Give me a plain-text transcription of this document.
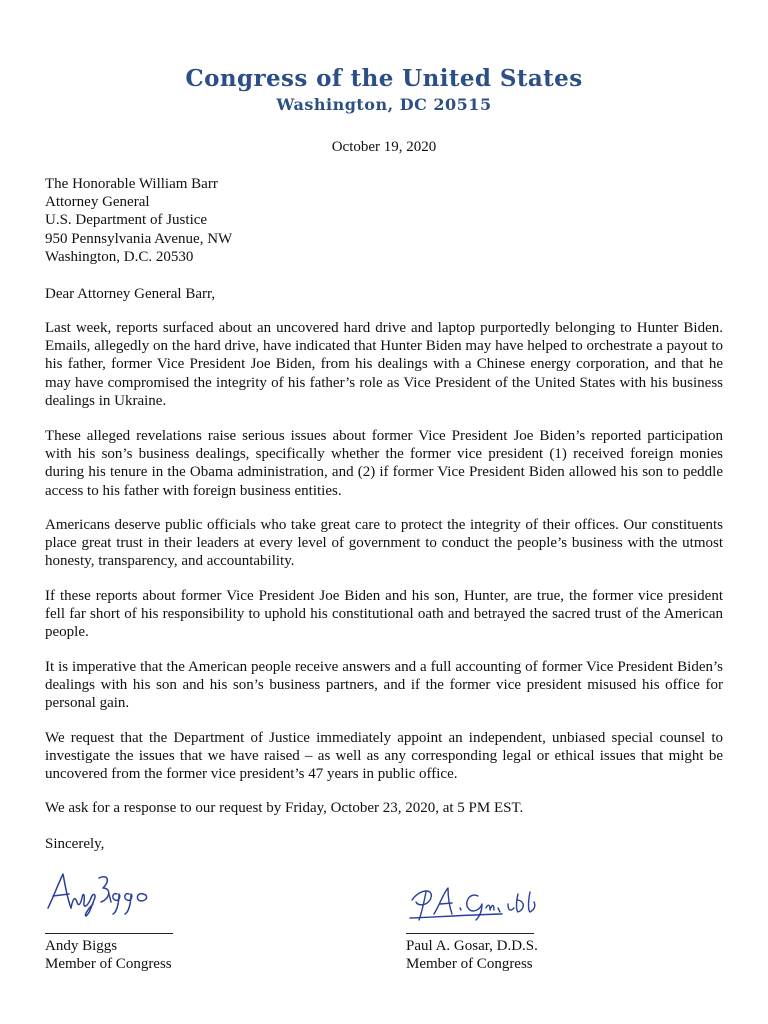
Congress of the United States
Washington, DC 20515
October 19, 2020
The Honorable William Barr
Attorney General
U.S. Department of Justice
950 Pennsylvania Avenue, NW
Washington, D.C. 20530
Dear Attorney General Barr,

Last week, reports surfaced about an uncovered hard drive and laptop purportedly belonging to Hunter Biden. Emails, allegedly on the hard drive, have indicated that Hunter Biden may have helped to orchestrate a payout to his father, former Vice President Joe Biden, from his dealings with a Chinese energy corporation, and that he may have compromised the integrity of his father’s role as Vice President of the United States with his business dealings in Ukraine.

These alleged revelations raise serious issues about former Vice President Joe Biden’s reported participation with his son’s business dealings, specifically whether the former vice president (1) received foreign monies during his tenure in the Obama administration, and (2) if former Vice President Biden allowed his son to peddle access to his father with foreign business entities.

Americans deserve public officials who take great care to protect the integrity of their offices. Our constituents place great trust in their leaders at every level of government to conduct the people’s business with the utmost honesty, transparency, and accountability.

If these reports about former Vice President Joe Biden and his son, Hunter, are true, the former vice president fell far short of his responsibility to uphold his constitutional oath and betrayed the sacred trust of the American people.

It is imperative that the American people receive answers and a full accounting of former Vice President Biden’s dealings with his son and his son’s business partners, and if the former vice president misused his office for personal gain.

We request that the Department of Justice immediately appoint an independent, unbiased special counsel to investigate the issues that we have raised – as well as any corresponding legal or ethical issues that might be uncovered from the former vice president’s 47 years in public office.

We ask for a response to our request by Friday, October 23, 2020, at 5 PM EST.

Sincerely,
Andy Biggs
Member of Congress
Paul A. Gosar, D.D.S.
Member of Congress
